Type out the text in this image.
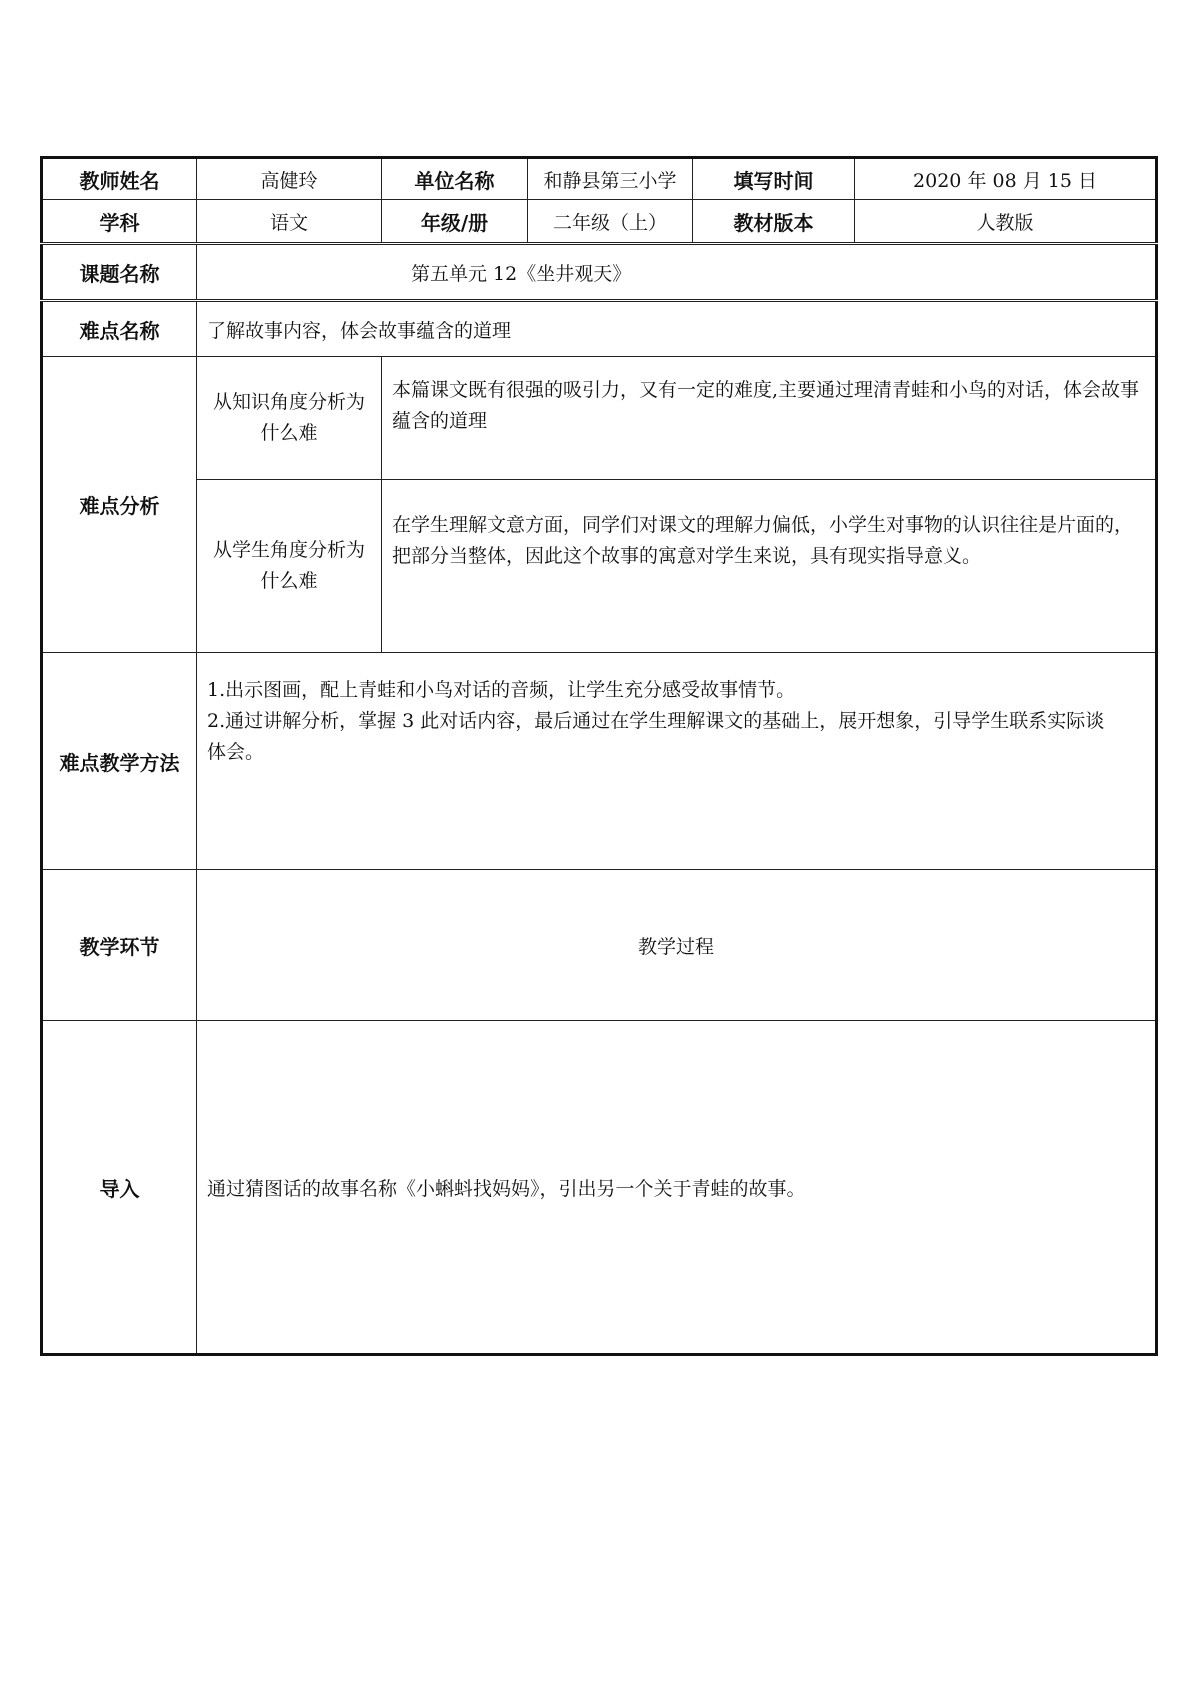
教师姓名	高健玲	单位名称	和静县第三小学	填写时间	2020 年 08 月 15 日
学科	语文	年级/册	二年级（上）	教材版本	人教版
课题名称	第五单元 12《坐井观天》				
难点名称	了解故事内容，体会故事蕴含的道理				
难点分析	从知识角度分析为什么难	本篇课文既有很强的吸引力，又有一定的难度,主要通过理清青蛙和小鸟的对话，体会故事蕴含的道理			
	从学生角度分析为什么难	在学生理解文意方面，同学们对课文的理解力偏低，小学生对事物的认识往往是片面的，把部分当整体，因此这个故事的寓意对学生来说，具有现实指导意义。			
难点教学方法	1.出示图画，配上青蛙和小鸟对话的音频，让学生充分感受故事情节。
2.通过讲解分析，掌握 3 此对话内容，最后通过在学生理解课文的基础上，展开想象，引导学生联系实际谈体会。				

教学环节	教学过程				
导入	通过猜图话的故事名称《小蝌蚪找妈妈》，引出另一个关于青蛙的故事。				
